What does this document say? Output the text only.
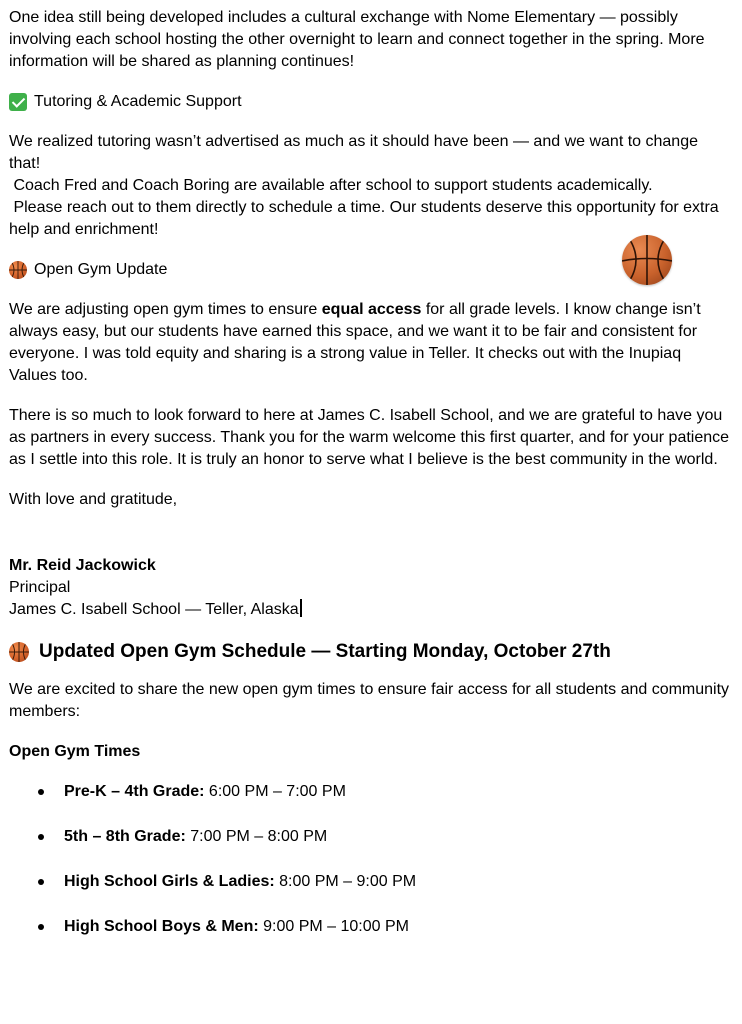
One idea still being developed includes a cultural exchange with Nome Elementary — possibly involving each school hosting the other overnight to learn and connect together in the spring. More information will be shared as planning continues!

Tutoring & Academic Support

We realized tutoring wasn’t advertised as much as it should have been — and we want to change that!

Coach Fred and Coach Boring are available after school to support students academically.

Please reach out to them directly to schedule a time. Our students deserve this opportunity for extra help and enrichment!

Open Gym Update

We are adjusting open gym times to ensure equal access for all grade levels. I know change isn’t always easy, but our students have earned this space, and we want it to be fair and consistent for everyone. I was told equity and sharing is a strong value in Teller. It checks out with the Inupiaq Values too.

There is so much to look forward to here at James C. Isabell School, and we are grateful to have you as partners in every success. Thank you for the warm welcome this first quarter, and for your patience as I settle into this role. It is truly an honor to serve what I believe is the best community in the world.

With love and gratitude,

Mr. Reid Jackowick

Principal

James C. Isabell School — Teller, Alaska

Updated Open Gym Schedule — Starting Monday, October 27th

We are excited to share the new open gym times to ensure fair access for all students and community members:

Open Gym Times

Pre-K – 4th Grade: 6:00 PM – 7:00 PM
5th – 8th Grade: 7:00 PM – 8:00 PM
High School Girls & Ladies: 8:00 PM – 9:00 PM
High School Boys & Men: 9:00 PM – 10:00 PM
